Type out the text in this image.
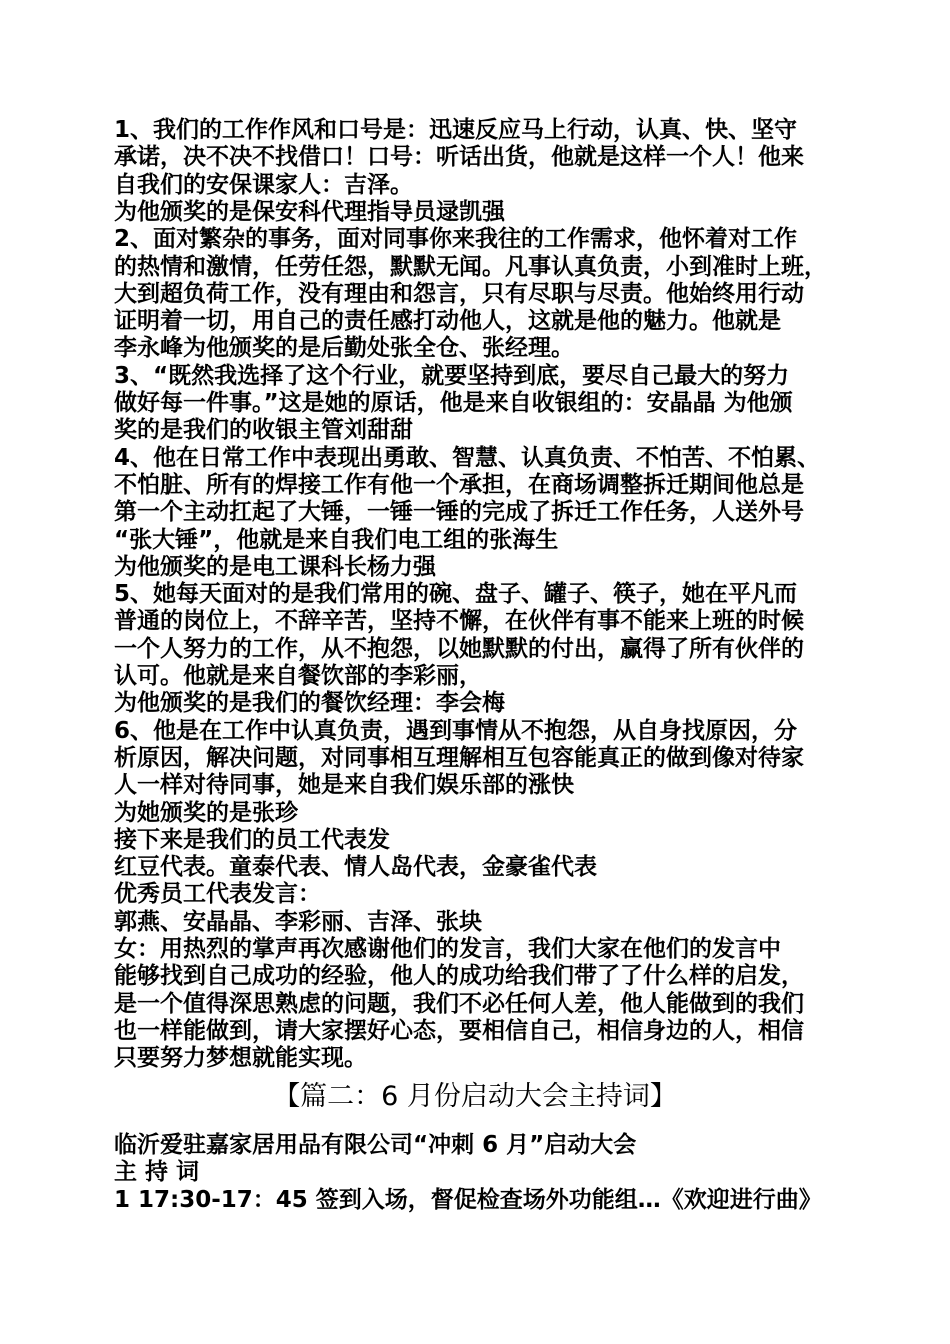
1、我们的工作作风和口号是：迅速反应马上行动，认真、快、坚守
承诺，决不决不找借口！口号：听话出货，他就是这样一个人！他来
自我们的安保课家人：吉泽。
为他颁奖的是保安科代理指导员逯凯强
2、面对繁杂的事务，面对同事你来我往的工作需求，他怀着对工作
的热情和激情，任劳任怨，默默无闻。凡事认真负责，小到准时上班，
大到超负荷工作，没有理由和怨言，只有尽职与尽责。他始终用行动
证明着一切，用自己的责任感打动他人，这就是他的魅力。他就是
李永峰为他颁奖的是后勤处张全仓、张经理。
3、“既然我选择了这个行业，就要坚持到底，要尽自己最大的努力
做好每一件事。”这是她的原话，他是来自收银组的：安晶晶 为他颁
奖的是我们的收银主管刘甜甜
4、他在日常工作中表现出勇敢、智慧、认真负责、不怕苦、不怕累、
不怕脏、所有的焊接工作有他一个承担，在商场调整拆迁期间他总是
第一个主动扛起了大锤，一锤一锤的完成了拆迁工作任务，人送外号
“张大锤”，他就是来自我们电工组的张海生
为他颁奖的是电工课科长杨力强
5、她每天面对的是我们常用的碗、盘子、罐子、筷子，她在平凡而
普通的岗位上，不辞辛苦，坚持不懈，在伙伴有事不能来上班的时候
一个人努力的工作，从不抱怨，以她默默的付出，赢得了所有伙伴的
认可。他就是来自餐饮部的李彩丽，
为他颁奖的是我们的餐饮经理：李会梅
6、他是在工作中认真负责，遇到事情从不抱怨，从自身找原因，分
析原因，解决问题，对同事相互理解相互包容能真正的做到像对待家
人一样对待同事，她是来自我们娱乐部的涨快
为她颁奖的是张珍
接下来是我们的员工代表发
红豆代表。童泰代表、情人岛代表，金豪雀代表
优秀员工代表发言：
郭燕、安晶晶、李彩丽、吉泽、张块
女：用热烈的掌声再次感谢他们的发言，我们大家在他们的发言中
能够找到自己成功的经验，他人的成功给我们带了了什么样的启发，
是一个值得深思熟虑的问题，我们不必任何人差，他人能做到的我们
也一样能做到，请大家摆好心态，要相信自己，相信身边的人，相信
只要努力梦想就能实现。
【篇二：6 月份启动大会主持词】
临沂爱驻嘉家居用品有限公司“冲刺 6 月”启动大会
主 持 词
1 17:30-17：45 签到入场，督促检查场外功能组…《欢迎进行曲》
